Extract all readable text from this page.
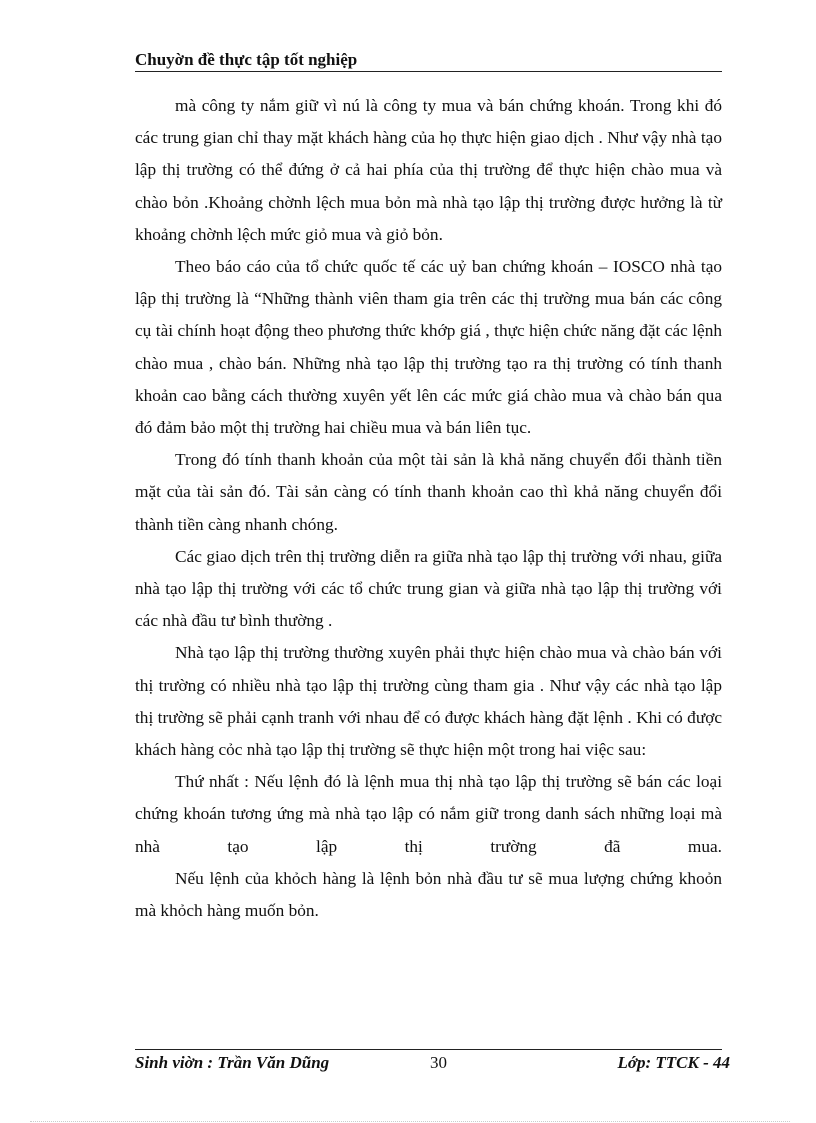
Chuyờn đề thực tập tốt nghiệp

mà công ty nắm giữ vì nú là công ty mua và bán chứng khoán. Trong khi đó các trung gian chỉ thay mặt khách hàng của họ thực hiện giao dịch . Như vậy nhà tạo lập thị trường có thể đứng ở cả hai phía của thị trường để thực hiện chào mua và chào bỏn .Khoảng chờnh lệch mua bỏn mà nhà tạo lập thị trường được hưởng là từ khoảng chờnh lệch mức giỏ mua và giỏ bỏn.

Theo báo cáo của tổ chức quốc tế các uỷ ban chứng khoán – IOSCO nhà tạo lập thị trường là “Những thành viên tham gia trên các thị trường mua bán các công cụ tài chính hoạt động theo phương thức khớp giá , thực hiện chức năng đặt các lệnh chào mua , chào bán. Những nhà tạo lập thị trường tạo ra thị trường có tính thanh khoản cao bằng cách thường xuyên yết lên các mức giá chào mua và chào bán qua đó đảm bảo một thị trường hai chiều mua và bán liên tục.

Trong đó tính thanh khoản của một tài sản là khả năng chuyển đổi thành tiền mặt của tài sản đó. Tài sản càng có tính thanh khoản cao thì khả năng chuyển đổi thành tiền càng nhanh chóng.

Các giao dịch trên thị trường diễn ra giữa nhà tạo lập thị trường với nhau, giữa nhà tạo lập thị trường với các tổ chức trung gian và giữa nhà tạo lập thị trường với các nhà đầu tư bình thường .

Nhà tạo lập thị trường thường xuyên phải thực hiện chào mua và chào bán với thị trường có nhiều nhà tạo lập thị trường cùng tham gia . Như vậy các nhà tạo lập thị trường sẽ phải cạnh tranh với nhau để có được khách hàng đặt lệnh . Khi có được khách hàng cỏc nhà tạo lập thị trường sẽ thực hiện một trong hai việc sau:

Thứ nhất : Nếu lệnh đó là lệnh mua thị nhà tạo lập thị trường sẽ bán các loại chứng khoán tương ứng mà nhà tạo lập có nắm giữ trong danh sách những loại mà nhà tạo lập thị trường đã mua.

Nếu lệnh của khỏch hàng là lệnh bỏn nhà đầu tư sẽ mua lượng chứng khoỏn mà khỏch hàng muốn bỏn.

Sinh viờn : Trần Văn Dũng	30	Lớp: TTCK - 44
